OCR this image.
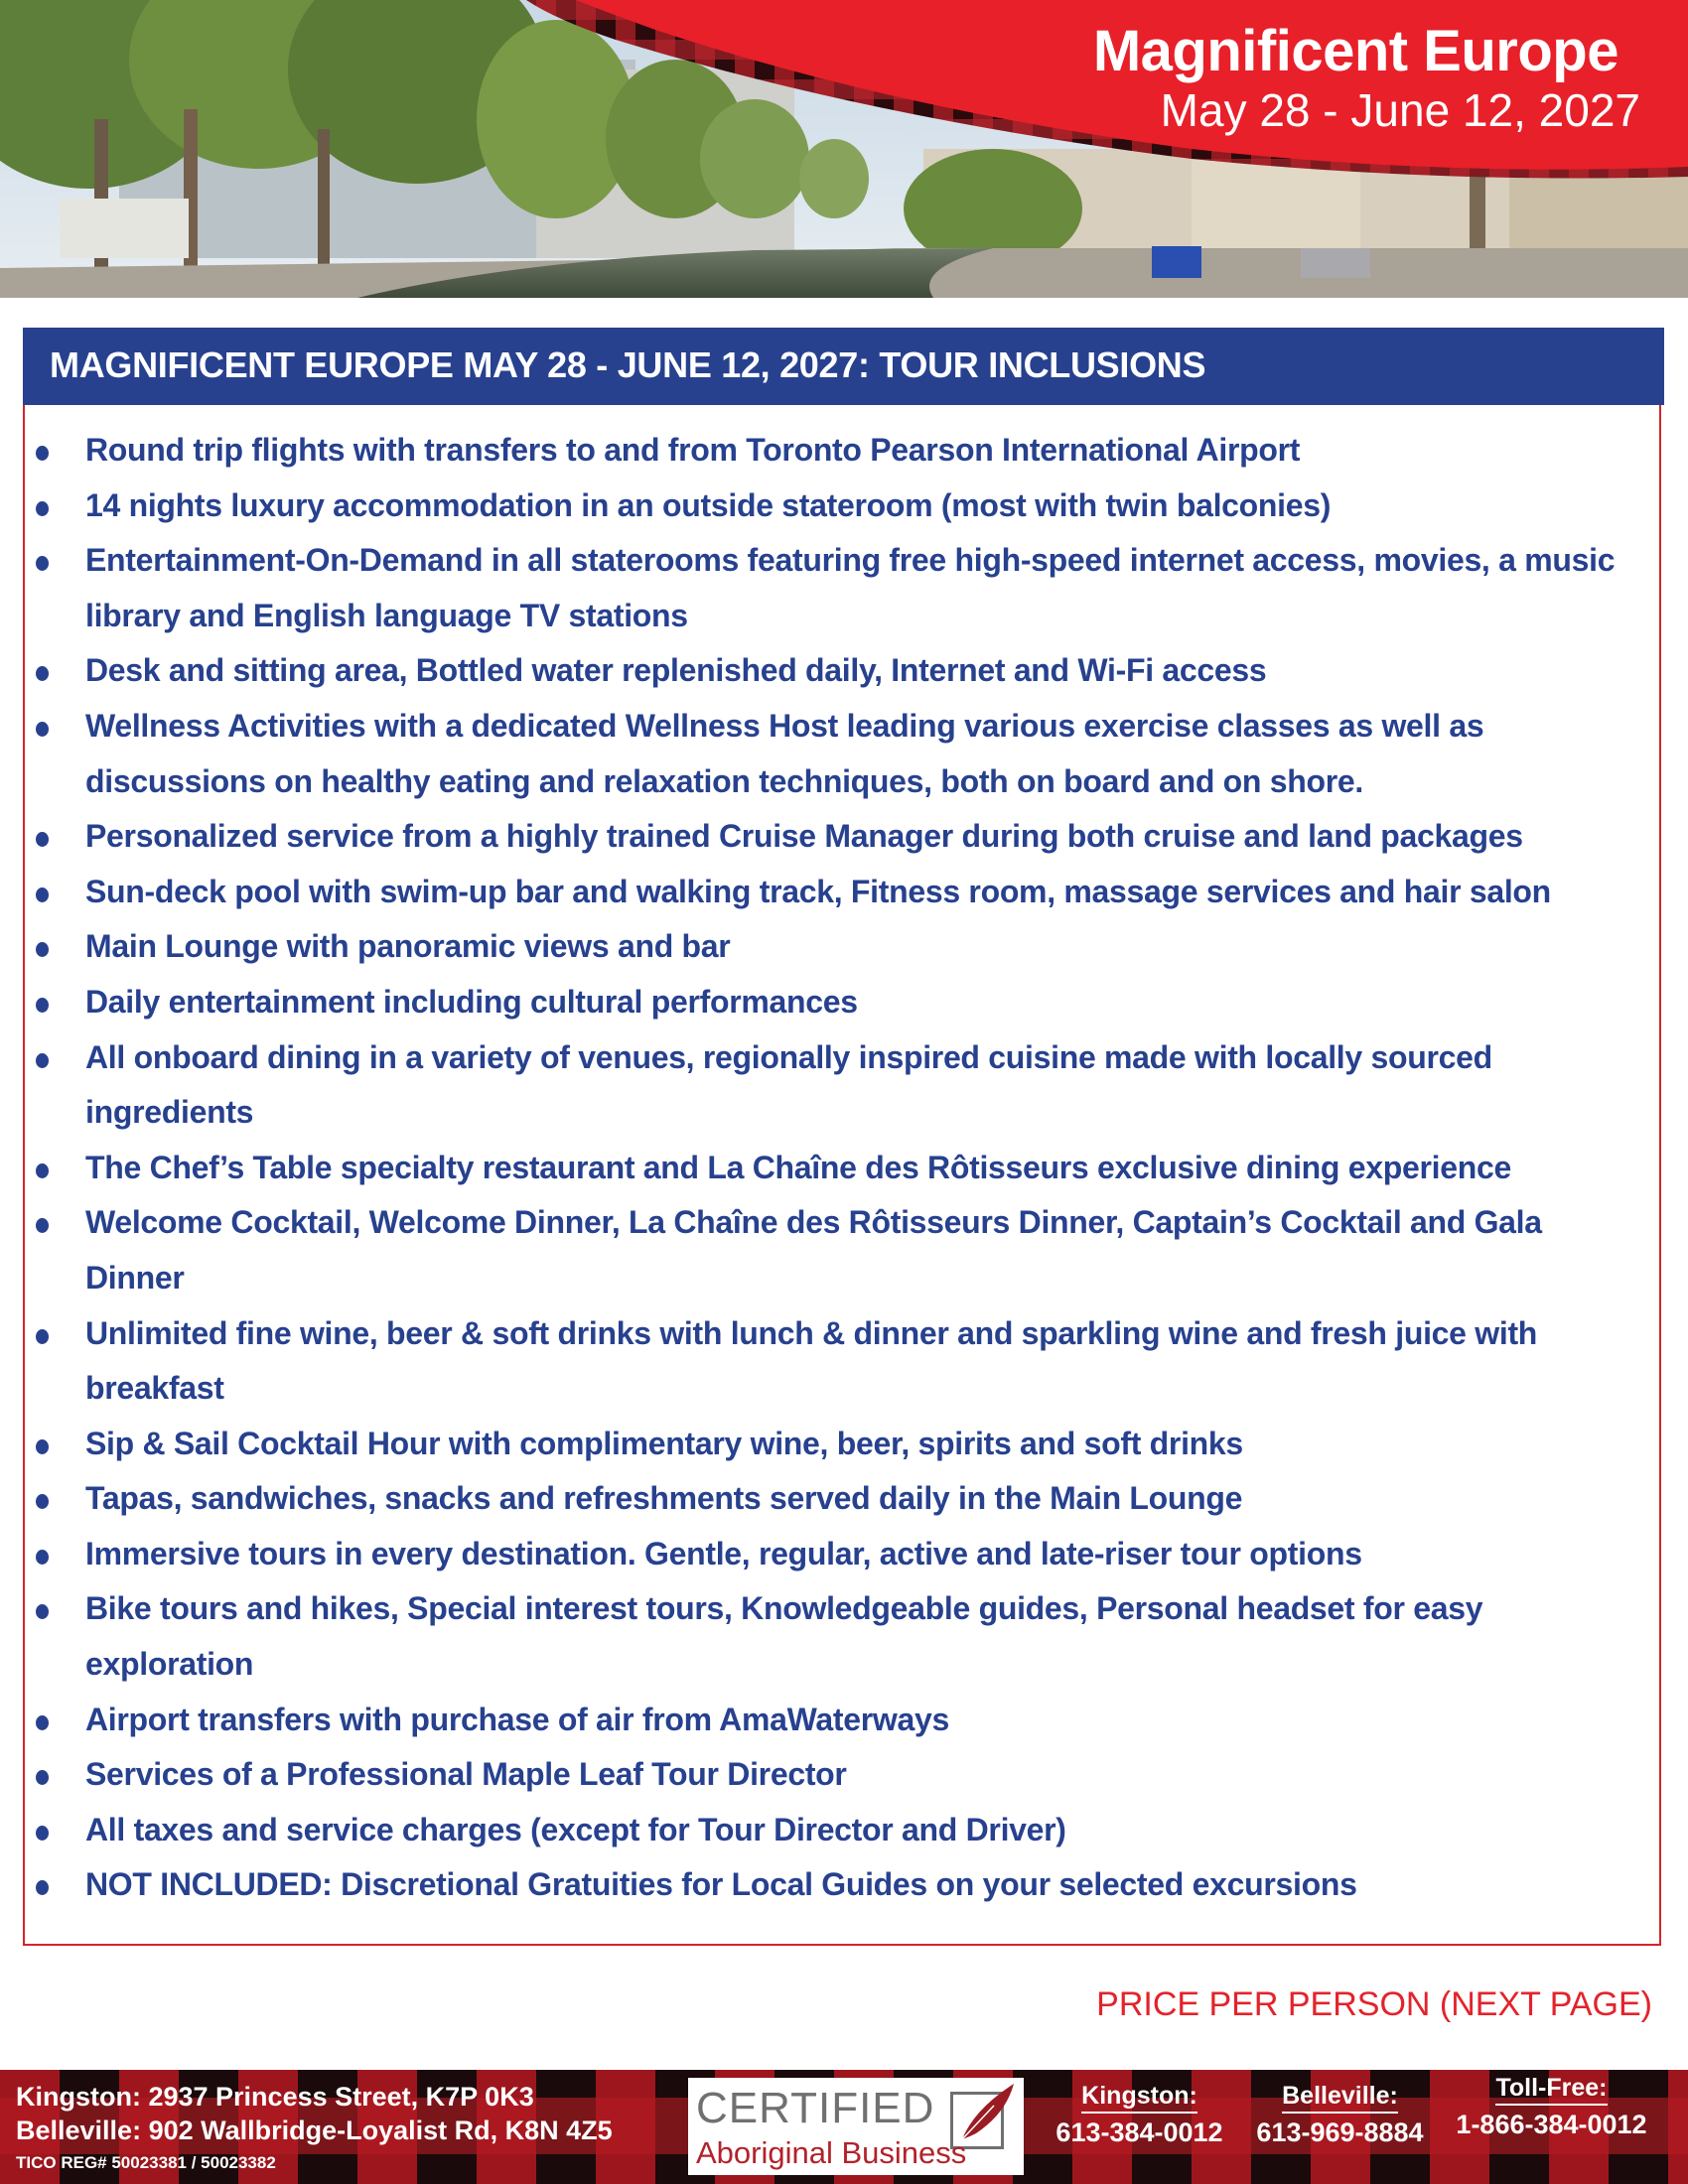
Magnificent Europe
May 28 - June 12, 2027
MAGNIFICENT EUROPE MAY 28 - JUNE 12, 2027: TOUR INCLUSIONS
Round trip flights with transfers to and from Toronto Pearson International Airport
14 nights luxury accommodation in an outside stateroom (most with twin balconies)
Entertainment-On-Demand in all staterooms featuring free high-speed internet access, movies, a music library and English language TV stations
Desk and sitting area, Bottled water replenished daily, Internet and Wi-Fi access
Wellness Activities with a dedicated Wellness Host leading various exercise classes as well as discussions on healthy eating and relaxation techniques, both on board and on shore.
Personalized service from a highly trained Cruise Manager during both cruise and land packages
Sun-deck pool with swim-up bar and walking track, Fitness room, massage services and hair salon
Main Lounge with panoramic views and bar
Daily entertainment including cultural performances
All onboard dining in a variety of venues, regionally inspired cuisine made with locally sourced ingredients
The Chef’s Table specialty restaurant and La Chaîne des Rôtisseurs exclusive dining experience
Welcome Cocktail, Welcome Dinner, La Chaîne des Rôtisseurs Dinner, Captain’s Cocktail and Gala Dinner
Unlimited fine wine, beer & soft drinks with lunch & dinner and sparkling wine and fresh juice with breakfast
Sip & Sail Cocktail Hour with complimentary wine, beer, spirits and soft drinks
Tapas, sandwiches, snacks and refreshments served daily in the Main Lounge
Immersive tours in every destination. Gentle, regular, active and late-riser tour options
Bike tours and hikes, Special interest tours, Knowledgeable guides, Personal headset for easy exploration
Airport transfers with purchase of air from AmaWaterways
Services of a Professional Maple Leaf Tour Director
All taxes and service charges (except for Tour Director and Driver)
NOT INCLUDED: Discretional Gratuities for Local Guides on your selected excursions
PRICE PER PERSON (NEXT PAGE)
Kingston: 2937 Princess Street, K7P 0K3
Belleville: 902 Wallbridge-Loyalist Rd, K8N 4Z5
TICO REG# 50023381 / 50023382
CERTIFIED
Aboriginal Business
Kingston:
613-384-0012
Belleville:
613-969-8884
Toll-Free:
1-866-384-0012
